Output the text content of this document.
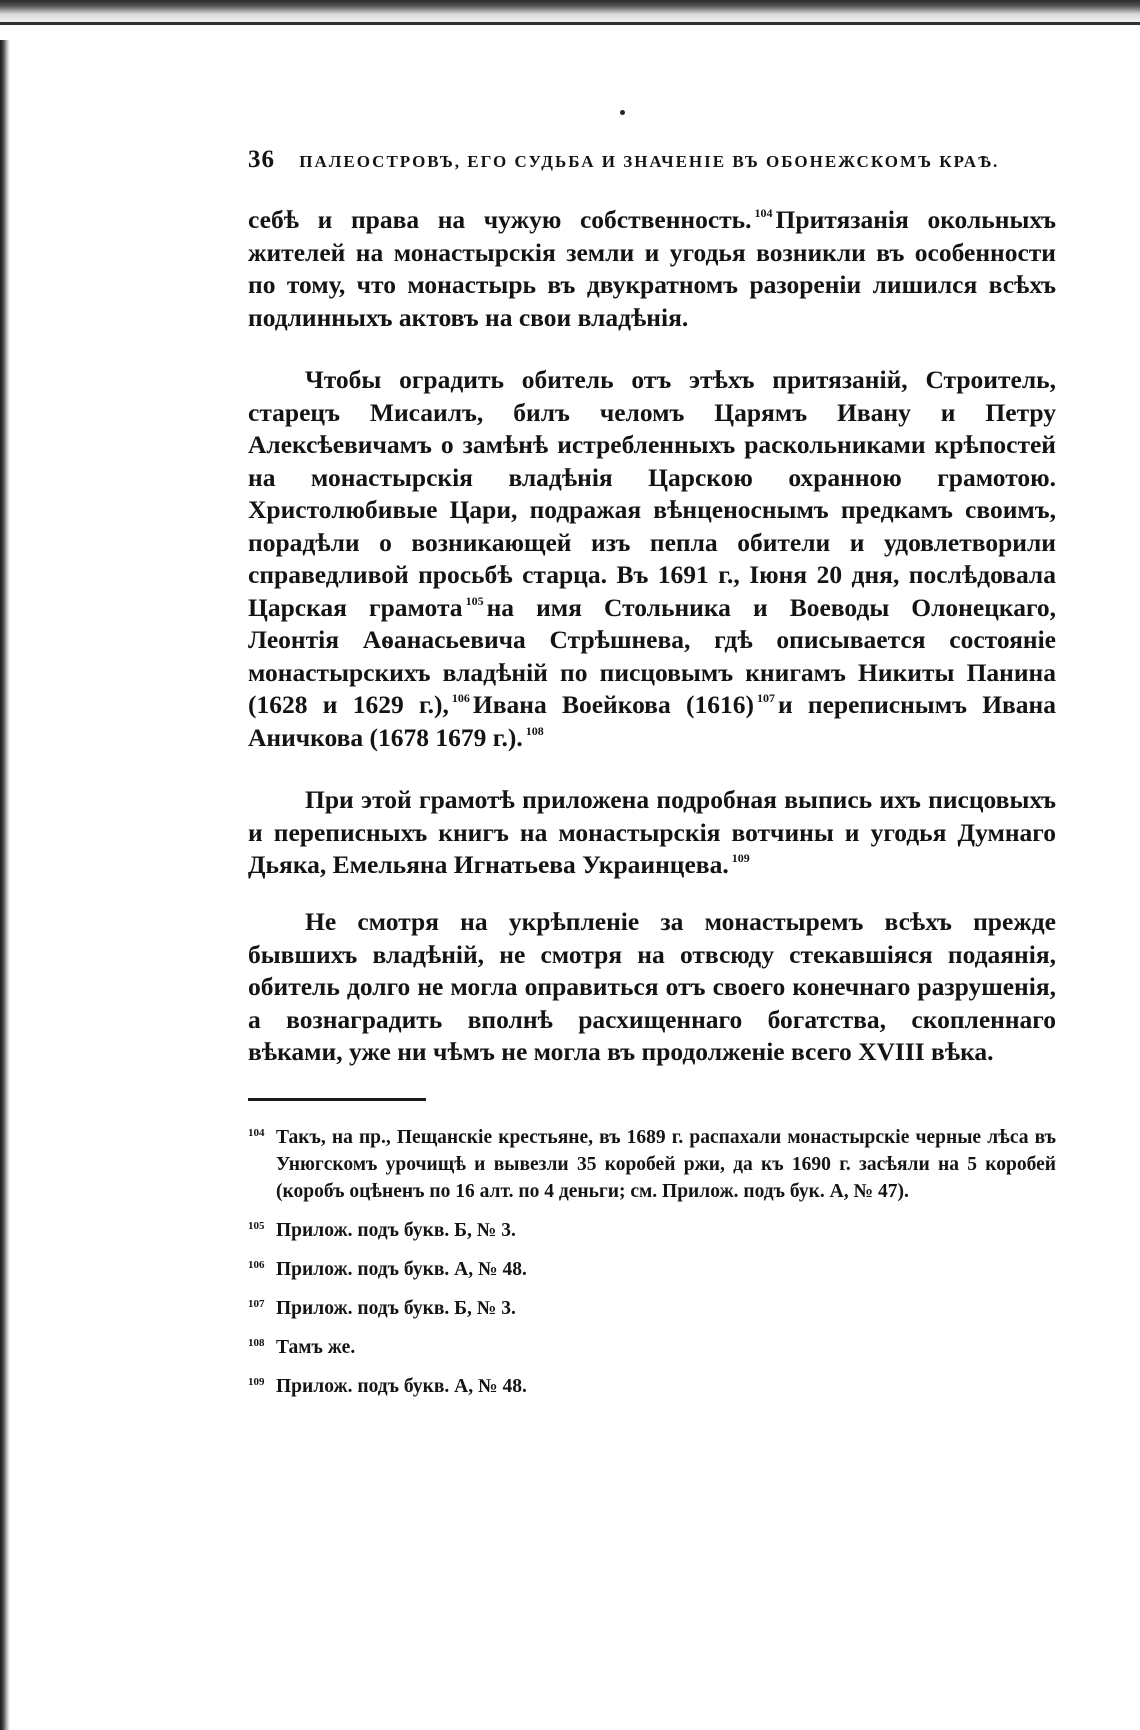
36 ПАЛЕОСТРОВЪ, ЕГО СУДЬБА И ЗНАЧЕНIЕ ВЪ ОБОНЕЖСКОМЪ КРАѢ.
себѣ и права на чужую собственность. $^{104}$ Притязанiя окольныхъ жителей на монастырскiя земли и угодья возникли въ особенности по тому, что монастырь въ двукратномъ разоренiи лишился всѣхъ подлинныхъ актовъ на свои владѣнiя.
Чтобы оградить обитель отъ этѣхъ притязанiй, Строитель, старецъ Мисаилъ, билъ челомъ Царямъ Ивану и Петру Алексѣевичамъ о замѣнѣ истребленныхъ раскольниками крѣпостей на монастырскiя владѣнiя Царскою охранною грамотою. Христолюбивые Цари, подражая вѣнценоснымъ предкамъ своимъ, порадѣли о возникающей изъ пепла обители и удовлетворили справедливой просьбѣ старца. Въ 1691 г., Iюня 20 дня, послѣдовала Царская грамота $^{105}$ на имя Стольника и Воеводы Олонецкаго, Леонтiя Аѳанасьевича Стрѣшнева, гдѣ описывается состоянiе монастырскихъ владѣнiй по писцовымъ книгамъ Никиты Панина (1628 и 1629 г.), $^{106}$ Ивана Воейкова (1616) $^{107}$ и переписнымъ Ивана Аничкова (1678 1679 г.). $^{108}$
При этой грамотѣ приложена подробная выпись ихъ писцовыхъ и переписныхъ книгъ на монастырскiя вотчины и угодья Думнаго Дьяка, Емельяна Игнатьева Украинцева. $^{109}$
Не смотря на укрѣпленiе за монастыремъ всѣхъ прежде бывшихъ владѣнiй, не смотря на отвсюду стекавшiяся подаянiя, обитель долго не могла оправиться отъ своего конечнаго разрушенiя, а вознаградить вполнѣ расхищеннаго богатства, скопленнаго вѣками, уже ни чѣмъ не могла въ продолженiе всего XVIII вѣка.
104 Такъ, на пр., Пещанскiе крестьяне, въ 1689 г. распахали монастырскiе черные лѣса въ Унюгскомъ урочищѣ и вывезли 35 коробей ржи, да къ 1690 г. засѣяли на 5 коробей (коробъ оцѣненъ по 16 алт. по 4 деньги; см. Прилож. подъ бук. А, № 47).
105 Прилож. подъ букв. Б, № 3.
106 Прилож. подъ букв. А, № 48.
107 Прилож. подъ букв. Б, № 3.
108 Тамъ же.
109 Прилож. подъ букв. А, № 48.
